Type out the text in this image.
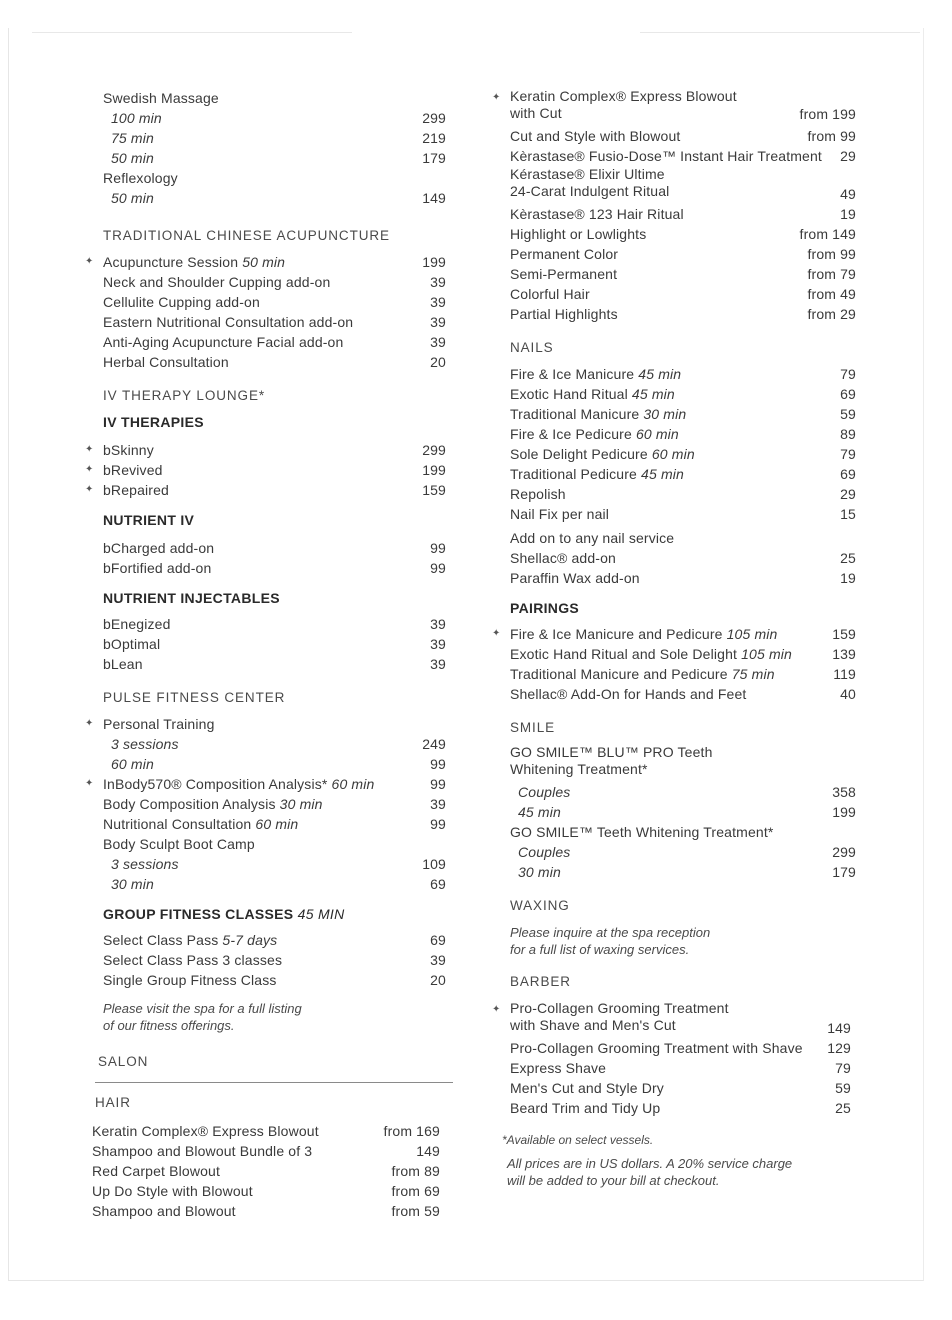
Swedish Massage
100 min	299
75 min	219
50 min	179
Reflexology
50 min	149
TRADITIONAL CHINESE ACUPUNCTURE
✦ Acupuncture Session 50 min	199
Neck and Shoulder Cupping add-on	39
Cellulite Cupping add-on	39
Eastern Nutritional Consultation add-on	39
Anti-Aging Acupuncture Facial add-on	39
Herbal Consultation	20
IV THERAPY LOUNGE*
IV THERAPIES
✦ bSkinny	299
✦ bRevived	199
✦ bRepaired	159
NUTRIENT IV
bCharged add-on	99
bFortified add-on	99
NUTRIENT INJECTABLES
bEnegized	39
bOptimal	39
bLean	39
PULSE FITNESS CENTER
✦ Personal Training
3 sessions	249
60 min	99
✦ InBody570® Composition Analysis* 60 min	99
Body Composition Analysis 30 min	39
Nutritional Consultation 60 min	99
Body Sculpt Boot Camp
3 sessions	109
30 min	69
GROUP FITNESS CLASSES 45 MIN
Select Class Pass 5-7 days	69
Select Class Pass 3 classes	39
Single Group Fitness Class	20
Please visit the spa for a full listing
of our fitness offerings.
SALON
HAIR
Keratin Complex® Express Blowout	from 169
Shampoo and Blowout Bundle of 3	149
Red Carpet Blowout	from 89
Up Do Style with Blowout	from 69
Shampoo and Blowout	from 59
✦ Keratin Complex® Express Blowout
with Cut	from 199
Cut and Style with Blowout	from 99
Kèrastase® Fusio-Dose™ Instant Hair Treatment 29
Kérastase® Elixir Ultime
24-Carat Indulgent Ritual	49
Kèrastase® 123 Hair Ritual	19
Highlight or Lowlights	from 149
Permanent Color	from 99
Semi-Permanent	from 79
Colorful Hair	from 49
Partial Highlights	from 29
NAILS
Fire & Ice Manicure 45 min	79
Exotic Hand Ritual 45 min	69
Traditional Manicure 30 min	59
Fire & Ice Pedicure 60 min	89
Sole Delight Pedicure 60 min	79
Traditional Pedicure 45 min	69
Repolish	29
Nail Fix per nail	15
Add on to any nail service
Shellac® add-on	25
Paraffin Wax add-on	19
PAIRINGS
✦ Fire & Ice Manicure and Pedicure 105 min	159
Exotic Hand Ritual and Sole Delight 105 min	139
Traditional Manicure and Pedicure 75 min	119
Shellac® Add-On for Hands and Feet	40
SMILE
GO SMILE™ BLU™ PRO Teeth
Whitening Treatment*
Couples	358
45 min	199
GO SMILE™ Teeth Whitening Treatment*
Couples	299
30 min	179
WAXING
Please inquire at the spa reception
for a full list of waxing services.
BARBER
✦ Pro-Collagen Grooming Treatment
with Shave and Men's Cut	149
Pro-Collagen Grooming Treatment with Shave 129
Express Shave	79
Men's Cut and Style Dry	59
Beard Trim and Tidy Up	25
*Available on select vessels.
All prices are in US dollars. A 20% service charge
will be added to your bill at checkout.
